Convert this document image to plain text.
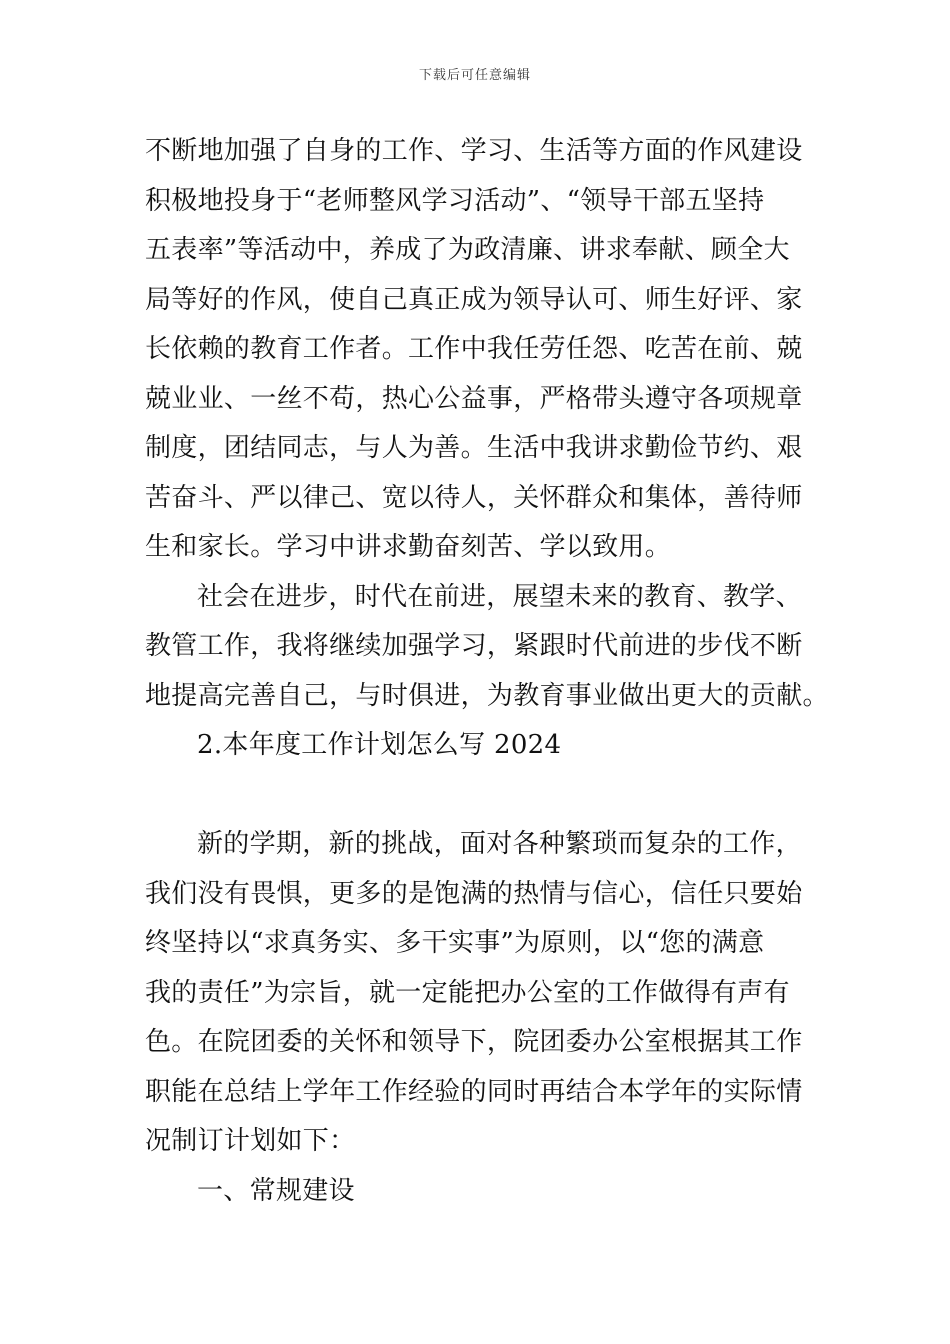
下载后可任意编辑
不断地加强了自身的工作、学习、生活等方面的作风建设
积极地投身于“老师整风学习活动”、“领导干部五坚持
五表率”等活动中，养成了为政清廉、讲求奉献、顾全大
局等好的作风，使自己真正成为领导认可、师生好评、家
长依赖的教育工作者。工作中我任劳任怨、吃苦在前、兢
兢业业、一丝不苟，热心公益事，严格带头遵守各项规章
制度，团结同志，与人为善。生活中我讲求勤俭节约、艰
苦奋斗、严以律己、宽以待人，关怀群众和集体，善待师
生和家长。学习中讲求勤奋刻苦、学以致用。
社会在进步，时代在前进，展望未来的教育、教学、
教管工作，我将继续加强学习，紧跟时代前进的步伐不断
地提高完善自己，与时俱进，为教育事业做出更大的贡献。
2.本年度工作计划怎么写 2024
新的学期，新的挑战，面对各种繁琐而复杂的工作，
我们没有畏惧，更多的是饱满的热情与信心，信任只要始
终坚持以“求真务实、多干实事”为原则，以“您的满意
我的责任”为宗旨，就一定能把办公室的工作做得有声有
色。在院团委的关怀和领导下，院团委办公室根据其工作
职能在总结上学年工作经验的同时再结合本学年的实际情
况制订计划如下：
一、常规建设
